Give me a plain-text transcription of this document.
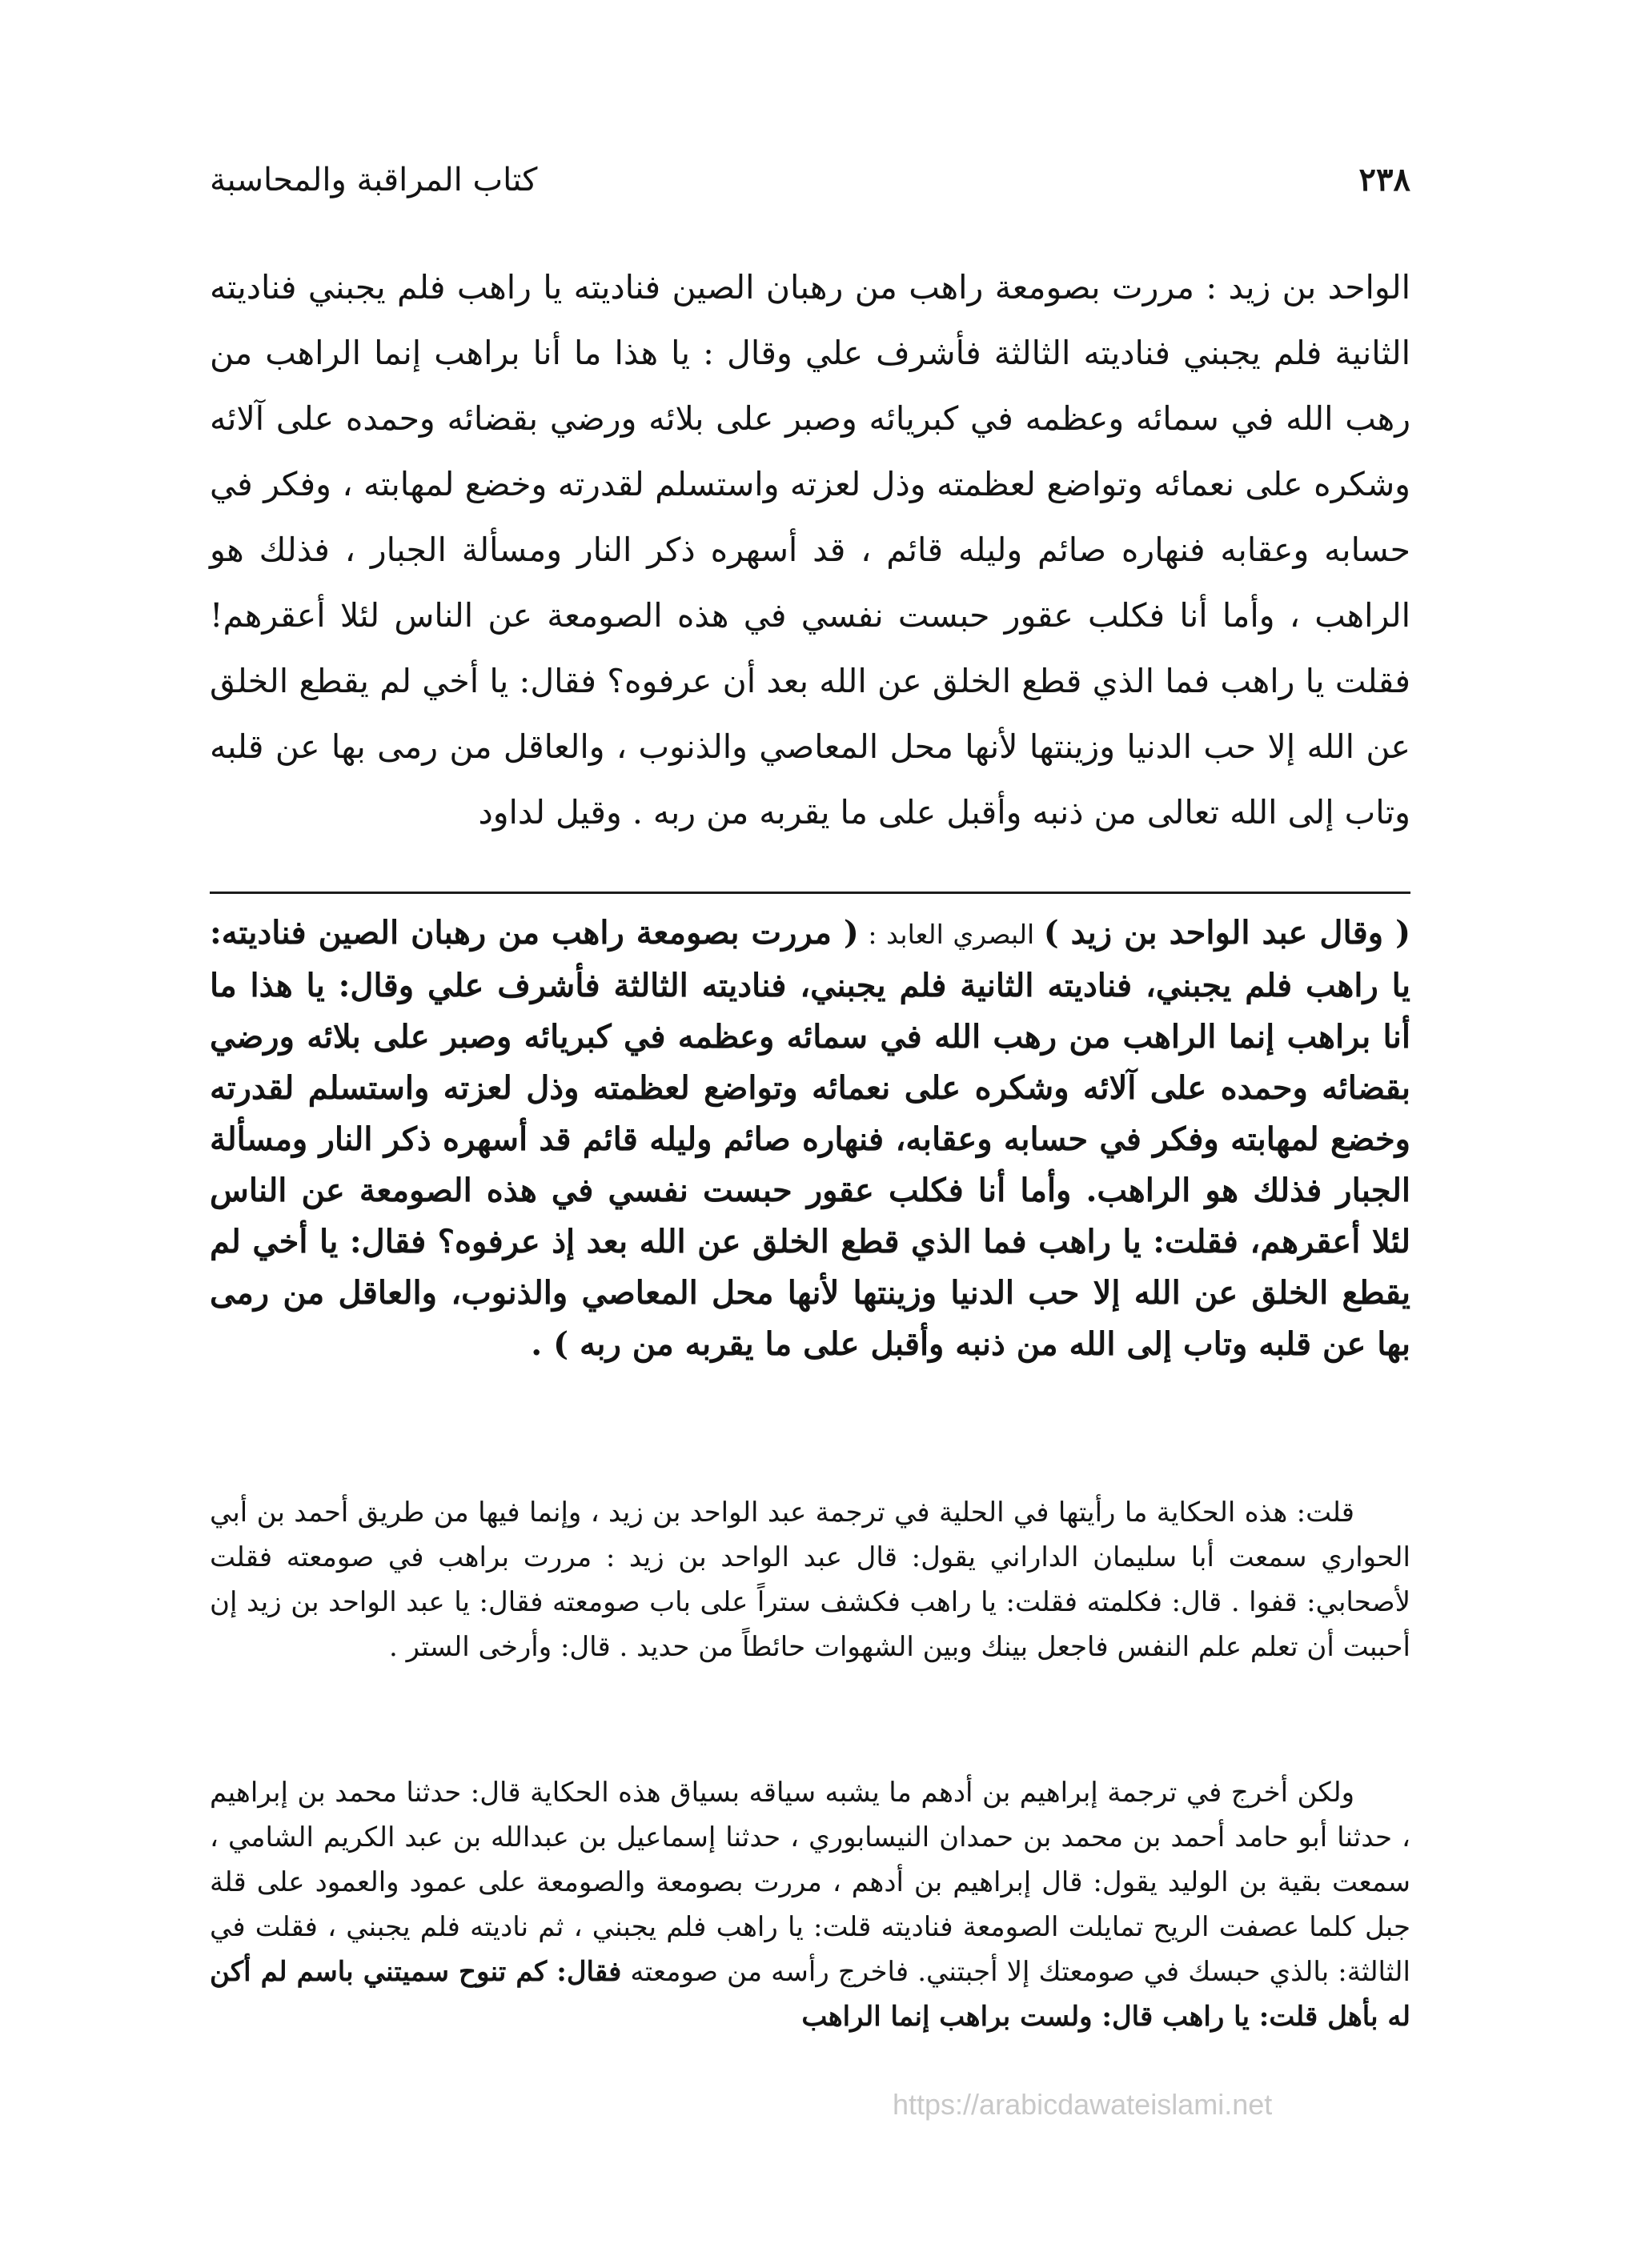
٢٣٨
كتاب المراقبة والمحاسبة

الواحد بن زيد : مررت بصومعة راهب من رهبان الصين فناديته يا راهب فلم يجبني فناديته الثانية فلم يجبني فناديته الثالثة فأشرف علي وقال : يا هذا ما أنا براهب إنما الراهب من رهب الله في سمائه وعظمه في كبريائه وصبر على بلائه ورضي بقضائه وحمده على آلائه وشكره على نعمائه وتواضع لعظمته وذل لعزته واستسلم لقدرته وخضع لمهابته ، وفكر في حسابه وعقابه فنهاره صائم وليله قائم ، قد أسهره ذكر النار ومسألة الجبار ، فذلك هو الراهب ، وأما أنا فكلب عقور حبست نفسي في هذه الصومعة عن الناس لئلا أعقرهم! فقلت يا راهب فما الذي قطع الخلق عن الله بعد أن عرفوه؟ فقال: يا أخي لم يقطع الخلق عن الله إلا حب الدنيا وزينتها لأنها محل المعاصي والذنوب ، والعاقل من رمى بها عن قلبه وتاب إلى الله تعالى من ذنبه وأقبل على ما يقربه من ربه . وقيل لداود

( وقال عبد الواحد بن زيد ) البصري العابد : ( مررت بصومعة راهب من رهبان الصين فناديته: يا راهب فلم يجبني، فناديته الثانية فلم يجبني، فناديته الثالثة فأشرف علي وقال: يا هذا ما أنا براهب إنما الراهب من رهب الله في سمائه وعظمه في كبريائه وصبر على بلائه ورضي بقضائه وحمده على آلائه وشكره على نعمائه وتواضع لعظمته وذل لعزته واستسلم لقدرته وخضع لمهابته وفكر في حسابه وعقابه، فنهاره صائم وليله قائم قد أسهره ذكر النار ومسألة الجبار فذلك هو الراهب. وأما أنا فكلب عقور حبست نفسي في هذه الصومعة عن الناس لئلا أعقرهم، فقلت: يا راهب فما الذي قطع الخلق عن الله بعد إذ عرفوه؟ فقال: يا أخي لم يقطع الخلق عن الله إلا حب الدنيا وزينتها لأنها محل المعاصي والذنوب، والعاقل من رمى بها عن قلبه وتاب إلى الله من ذنبه وأقبل على ما يقربه من ربه ) .

قلت: هذه الحكاية ما رأيتها في الحلية في ترجمة عبد الواحد بن زيد ، وإنما فيها من طريق أحمد بن أبي الحواري سمعت أبا سليمان الداراني يقول: قال عبد الواحد بن زيد : مررت براهب في صومعته فقلت لأصحابي: قفوا . قال: فكلمته فقلت: يا راهب فكشف ستراً على باب صومعته فقال: يا عبد الواحد بن زيد إن أحببت أن تعلم علم النفس فاجعل بينك وبين الشهوات حائطاً من حديد . قال: وأرخى الستر .

ولكن أخرج في ترجمة إبراهيم بن أدهم ما يشبه سياقه بسياق هذه الحكاية قال: حدثنا محمد بن إبراهيم ، حدثنا أبو حامد أحمد بن محمد بن حمدان النيسابوري ، حدثنا إسماعيل بن عبدالله بن عبد الكريم الشامي ، سمعت بقية بن الوليد يقول: قال إبراهيم بن أدهم ، مررت بصومعة والصومعة على عمود والعمود على قلة جبل كلما عصفت الريح تمايلت الصومعة فناديته قلت: يا راهب فلم يجبني ، ثم ناديته فلم يجبني ، فقلت في الثالثة: بالذي حبسك في صومعتك إلا أجبتني. فاخرج رأسه من صومعته فقال: كم تنوح سميتني باسم لم أكن له بأهل قلت: يا راهب قال: ولست براهب إنما الراهب

https://arabicdawateislami.net
